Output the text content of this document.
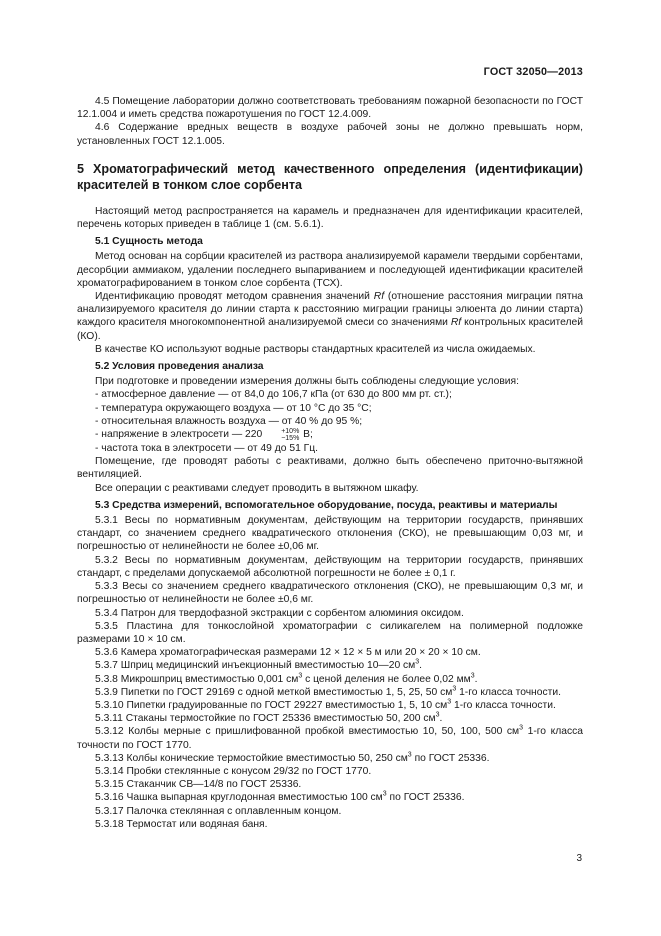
ГОСТ 32050—2013

4.5 Помещение лаборатории должно соответствовать требованиям пожарной безопасности по ГОСТ 12.1.004 и иметь средства пожаротушения по ГОСТ 12.4.009.

4.6 Содержание вредных веществ в воздухе рабочей зоны не должно превышать норм, установленных ГОСТ 12.1.005.

5 Хроматографический метод качественного определения (идентификации) красителей в тонком слое сорбента

Настоящий метод распространяется на карамель и предназначен для идентификации красителей, перечень которых приведен в таблице 1 (см. 5.6.1).

5.1 Сущность метода

Метод основан на сорбции красителей из раствора анализируемой карамели твердыми сорбентами, десорбции аммиаком, удалении последнего выпариванием и последующей идентификации красителей хроматографированием в тонком слое сорбента (ТСХ).

Идентификацию проводят методом сравнения значений Rf (отношение расстояния миграции пятна анализируемого красителя до линии старта к расстоянию миграции границы элюента до линии старта) каждого красителя многокомпонентной анализируемой смеси со значениями Rf контрольных красителей (КО).

В качестве КО используют водные растворы стандартных красителей из числа ожидаемых.

5.2 Условия проведения анализа

При подготовке и проведении измерения должны быть соблюдены следующие условия:

- атмосферное давление — от 84,0 до 106,7 кПа (от 630 до 800 мм рт. ст.);

- температура окружающего воздуха — от 10 °С до 35 °С;

- относительная влажность воздуха — от 40 % до 95 %;

- напряжение в электросети — 220	+10%
−15% В;

- частота тока в электросети — от 49 до 51 Гц.

Помещение, где проводят работы с реактивами, должно быть обеспечено приточно-вытяжной вентиляцией.

Все операции с реактивами следует проводить в вытяжном шкафу.

5.3 Средства измерений, вспомогательное оборудование, посуда, реактивы и материалы

5.3.1 Весы по нормативным документам, действующим на территории государств, принявших стандарт, со значением среднего квадратического отклонения (СКО), не превышающим 0,03 мг, и погрешностью от нелинейности не более ±0,06 мг.

5.3.2 Весы по нормативным документам, действующим на территории государств, принявших стандарт, с пределами допускаемой абсолютной погрешности не более ± 0,1 г.

5.3.3 Весы со значением среднего квадратического отклонения (СКО), не превышающим 0,3 мг, и погрешностью от нелинейности не более ±0,6 мг.

5.3.4 Патрон для твердофазной экстракции с сорбентом алюминия оксидом.

5.3.5 Пластина для тонкослойной хроматографии с силикагелем на полимерной подложке размерами 10 × 10 см.

5.3.6 Камера хроматографическая размерами 12 × 12 × 5 м или 20 × 20 × 10 см.

5.3.7 Шприц медицинский инъекционный вместимостью 10—20 $см^3$.

5.3.8 Микрошприц вместимостью 0,001 $см^3$ с ценой деления не более 0,02 $мм^3$.

5.3.9 Пипетки по ГОСТ 29169 с одной меткой вместимостью 1, 5, 25, 50 $см^3$ 1-го класса точности.

5.3.10 Пипетки градуированные по ГОСТ 29227 вместимостью 1, 5, 10 $см^3$ 1-го класса точности.

5.3.11 Стаканы термостойкие по ГОСТ 25336 вместимостью 50, 200 $см^3$.

5.3.12 Колбы мерные с пришлифованной пробкой вместимостью 10, 50, 100, 500 $см^3$ 1-го класса точности по ГОСТ 1770.

5.3.13 Колбы конические термостойкие вместимостью 50, 250 $см^3$ по ГОСТ 25336.

5.3.14 Пробки стеклянные с конусом 29/32 по ГОСТ 1770.

5.3.15 Стаканчик СВ—14/8 по ГОСТ 25336.

5.3.16 Чашка выпарная круглодонная вместимостью 100 $см^3$ по ГОСТ 25336.

5.3.17 Палочка стеклянная с оплавленным концом.

5.3.18 Термостат или водяная баня.

3
